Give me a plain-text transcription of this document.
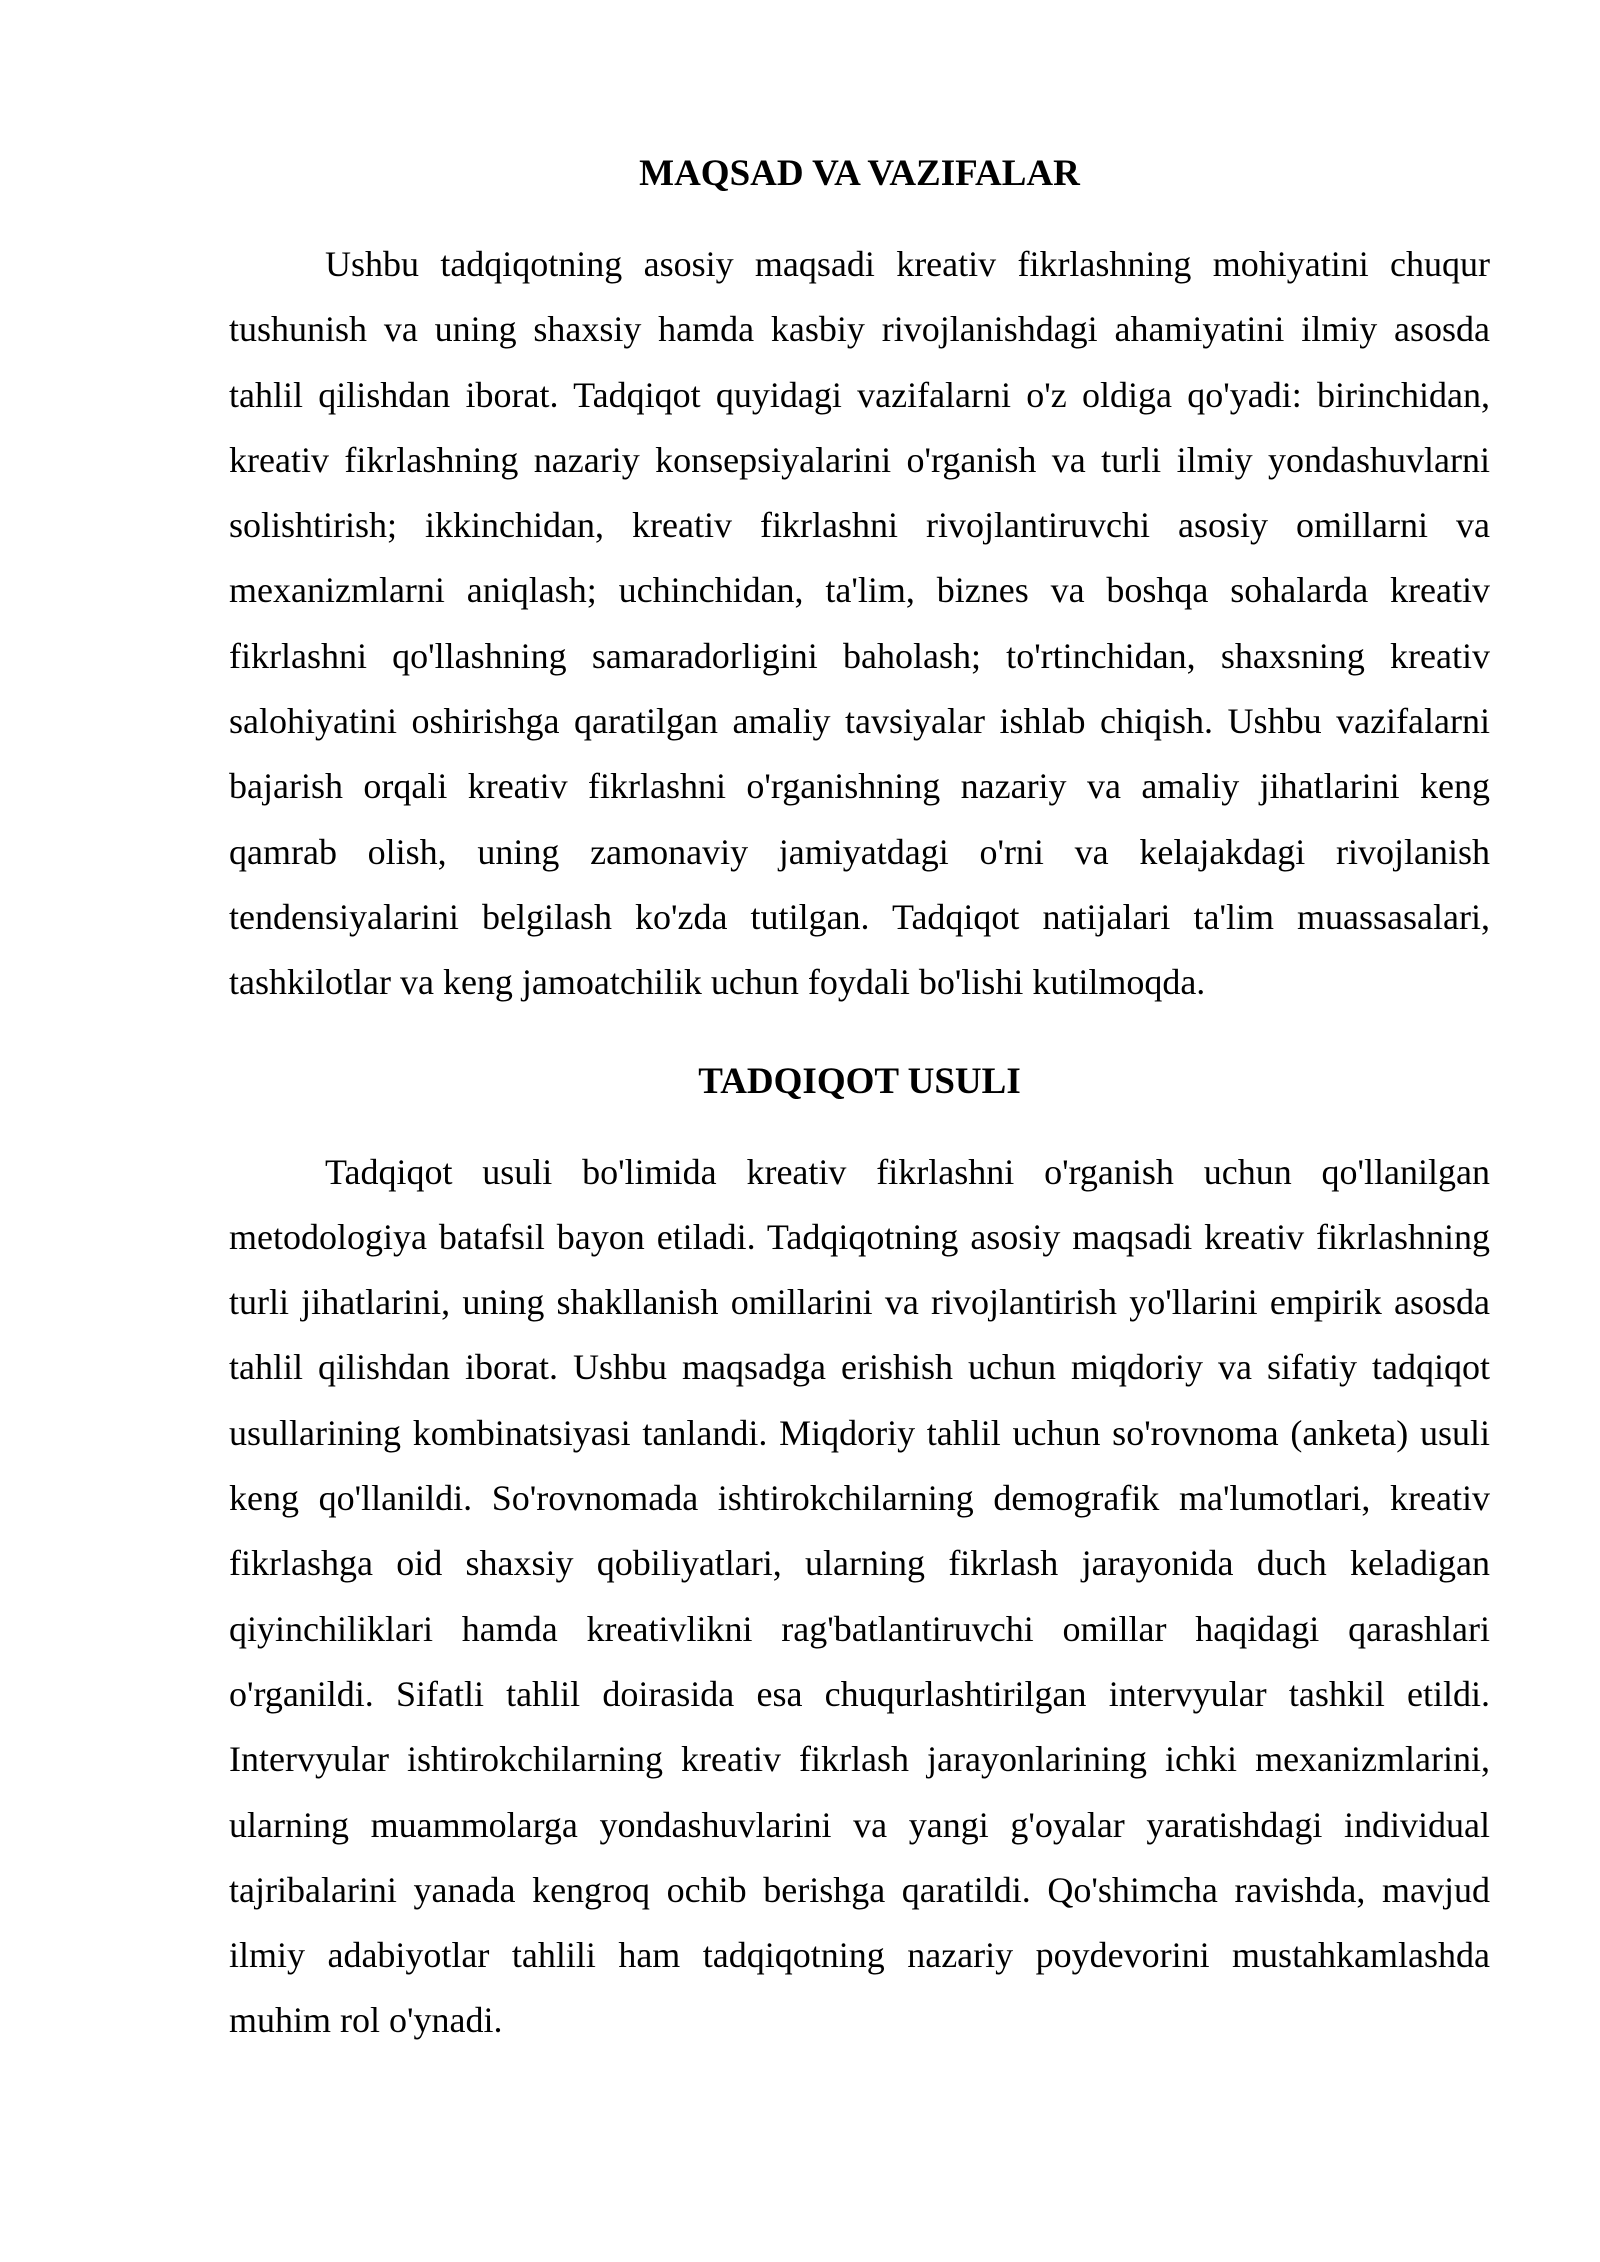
MAQSAD VA VAZIFALAR

Ushbu tadqiqotning asosiy maqsadi kreativ fikrlashning mohiyatini chuqur tushunish va uning shaxsiy hamda kasbiy rivojlanishdagi ahamiyatini ilmiy asosda tahlil qilishdan iborat. Tadqiqot quyidagi vazifalarni o'z oldiga qo'yadi: birinchidan, kreativ fikrlashning nazariy konsepsiyalarini o'rganish va turli ilmiy yondashuvlarni solishtirish; ikkinchidan, kreativ fikrlashni rivojlantiruvchi asosiy omillarni va mexanizmlarni aniqlash; uchinchidan, ta'lim, biznes va boshqa sohalarda kreativ fikrlashni qo'llashning samaradorligini baholash; to'rtinchidan, shaxsning kreativ salohiyatini oshirishga qaratilgan amaliy tavsiyalar ishlab chiqish. Ushbu vazifalarni bajarish orqali kreativ fikrlashni o'rganishning nazariy va amaliy jihatlarini keng qamrab olish, uning zamonaviy jamiyatdagi o'rni va kelajakdagi rivojlanish tendensiyalarini belgilash ko'zda tutilgan. Tadqiqot natijalari ta'lim muassasalari, tashkilotlar va keng jamoatchilik uchun foydali bo'lishi kutilmoqda.

TADQIQOT USULI

Tadqiqot usuli bo'limida kreativ fikrlashni o'rganish uchun qo'llanilgan metodologiya batafsil bayon etiladi. Tadqiqotning asosiy maqsadi kreativ fikrlashning turli jihatlarini, uning shakllanish omillarini va rivojlantirish yo'llarini empirik asosda tahlil qilishdan iborat. Ushbu maqsadga erishish uchun miqdoriy va sifatiy tadqiqot usullarining kombinatsiyasi tanlandi. Miqdoriy tahlil uchun so'rovnoma (anketa) usuli keng qo'llanildi. So'rovnomada ishtirokchilarning demografik ma'lumotlari, kreativ fikrlashga oid shaxsiy qobiliyatlari, ularning fikrlash jarayonida duch keladigan qiyinchiliklari hamda kreativlikni rag'batlantiruvchi omillar haqidagi qarashlari o'rganildi. Sifatli tahlil doirasida esa chuqurlashtirilgan intervyular tashkil etildi. Intervyular ishtirokchilarning kreativ fikrlash jarayonlarining ichki mexanizmlarini, ularning muammolarga yondashuvlarini va yangi g'oyalar yaratishdagi individual tajribalarini yanada kengroq ochib berishga qaratildi. Qo'shimcha ravishda, mavjud ilmiy adabiyotlar tahlili ham tadqiqotning nazariy poydevorini mustahkamlashda muhim rol o'ynadi.
